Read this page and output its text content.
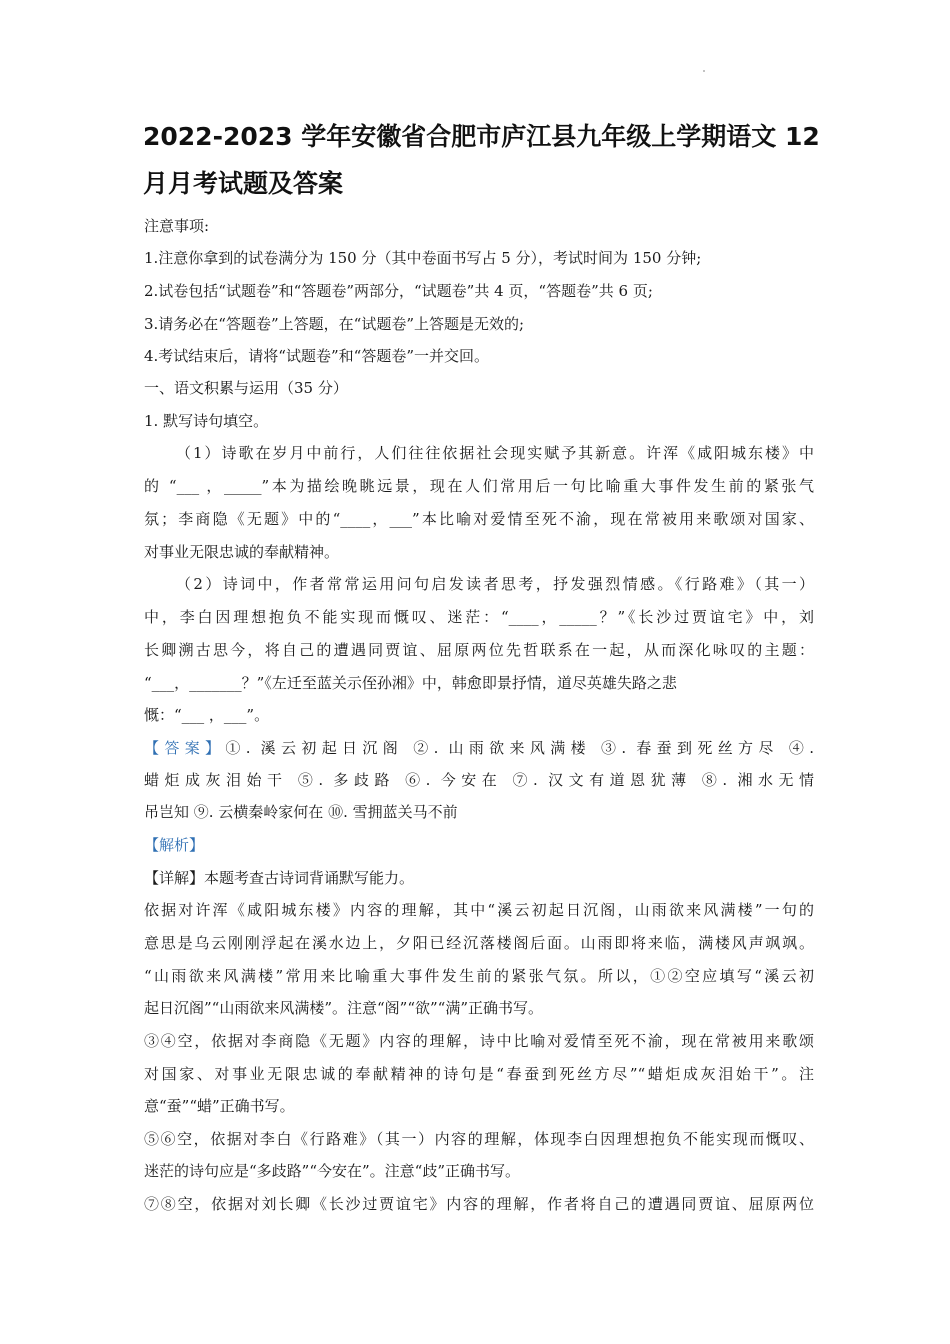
2022-2023 学年安徽省合肥市庐江县九年级上学期语文 12
月月考试题及答案
注意事项:
1.注意你拿到的试卷满分为 150 分（其中卷面书写占 5 分），考试时间为 150 分钟;
2.试卷包括“试题卷”和“答题卷”两部分，“试题卷”共 4 页，“答题卷”共 6 页;
3.请务必在“答题卷”上答题，在“试题卷”上答题是无效的;
4.考试结束后，请将“试题卷”和“答题卷”一并交回。
一、语文积累与运用（35 分）
1. 默写诗句填空。
（1）诗歌在岁月中前行，人们往往依据社会现实赋予其新意。许浑《咸阳城东楼》中
的 “___ ，_____”本为描绘晚眺远景，现在人们常用后一句比喻重大事件发生前的紧张气
氛；李商隐《无题》中的“____，___”本比喻对爱情至死不渝，现在常被用来歌颂对国家、
对事业无限忠诚的奉献精神。
（2）诗词中，作者常常运用问句启发读者思考，抒发强烈情感。《行路难》（其一）
中，李白因理想抱负不能实现而慨叹、迷茫：“____，_____？”《长沙过贾谊宅》中，刘
长卿溯古思今，将自己的遭遇同贾谊、屈原两位先哲联系在一起，从而深化咏叹的主题：
“___，_______？”《左迁至蓝关示侄孙湘》中，韩愈即景抒情，道尽英雄失路之悲
慨：“___ ，___”。
【答案】①. 溪云初起日沉阁 ②. 山雨欲来风满楼 ③. 春蚕到死丝方尽 ④.
蜡炬成灰泪始干 ⑤. 多歧路 ⑥. 今安在 ⑦. 汉文有道恩犹薄 ⑧. 湘水无情
吊岂知 ⑨. 云横秦岭家何在 ⑩. 雪拥蓝关马不前
【解析】
【详解】本题考查古诗词背诵默写能力。
依据对许浑《咸阳城东楼》内容的理解，其中“溪云初起日沉阁，山雨欲来风满楼”一句的
意思是乌云刚刚浮起在溪水边上，夕阳已经沉落楼阁后面。山雨即将来临，满楼风声飒飒。
“山雨欲来风满楼”常用来比喻重大事件发生前的紧张气氛。所以，①②空应填写“溪云初
起日沉阁”“山雨欲来风满楼”。注意“阁”“欲”“满”正确书写。
③④空，依据对李商隐《无题》内容的理解，诗中比喻对爱情至死不渝，现在常被用来歌颂
对国家、对事业无限忠诚的奉献精神的诗句是“春蚕到死丝方尽”“蜡炬成灰泪始干”。注
意“蚕”“蜡”正确书写。
⑤⑥空，依据对李白《行路难》（其一）内容的理解，体现李白因理想抱负不能实现而慨叹、
迷茫的诗句应是“多歧路”“今安在”。注意“歧”正确书写。
⑦⑧空，依据对刘长卿《长沙过贾谊宅》内容的理解，作者将自己的遭遇同贾谊、屈原两位
